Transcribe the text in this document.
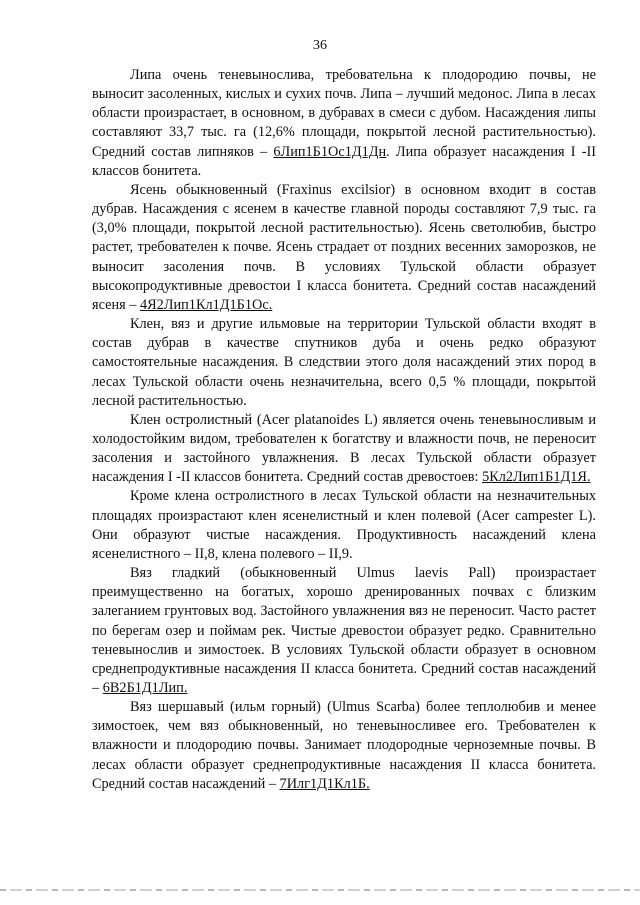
36

Липа очень теневынослива, требовательна к плодородию почвы, не выносит засоленных, кислых и сухих почв. Липа – лучший медонос. Липа в лесах области произрастает, в основном, в дубравах в смеси с дубом. Насаждения липы составляют 33,7 тыс. га (12,6% площади, покрытой лесной растительностью). Средний состав липняков – 6Лип1Б1Ос1Д1Дн. Липа образует насаждения I -II классов бонитета.

Ясень обыкновенный (Fraxinus excilsior) в основном входит в состав дубрав. Насаждения с ясенем в качестве главной породы составляют 7,9 тыс. га (3,0% площади, покрытой лесной растительностью). Ясень светолюбив, быстро растет, требователен к почве. Ясень страдает от поздних весенних заморозков, не выносит засоления почв. В условиях Тульской области образует высокопродуктивные древостои I класса бонитета. Средний состав насаждений ясеня – 4Я2Лип1Кл1Д1Б1Ос.

Клен, вяз и другие ильмовые на территории Тульской области входят в состав дубрав в качестве спутников дуба и очень редко образуют самостоятельные насаждения. В следствии этого доля насаждений этих пород в лесах Тульской области очень незначительна, всего 0,5 % площади, покрытой лесной растительностью.

Клен остролистный (Acer platanoides L) является очень теневыносливым и холодостойким видом, требователен к богатству и влажности почв, не переносит засоления и застойного увлажнения. В лесах Тульской области образует насаждения I -II классов бонитета. Средний состав древостоев: 5Кл2Лип1Б1Д1Я.

Кроме клена остролистного в лесах Тульской области на незначительных площадях произрастают клен ясенелистный и клен полевой (Acer campester L). Они образуют чистые насаждения. Продуктивность насаждений клена ясенелистного – II,8, клена полевого – II,9.

Вяз гладкий (обыкновенный Ulmus laevis Pall) произрастает преимущественно на богатых, хорошо дренированных почвах с близким залеганием грунтовых вод. Застойного увлажнения вяз не переносит. Часто растет по берегам озер и поймам рек. Чистые древостои образует редко. Сравнительно теневынослив и зимостоек. В условиях Тульской области образует в основном среднепродуктивные насаждения II класса бонитета. Средний состав насаждений – 6В2Б1Д1Лип.

Вяз шершавый (ильм горный) (Ulmus Scarba) более теплолюбив и менее зимостоек, чем вяз обыкновенный, но теневыносливее его. Требователен к влажности и плодородию почвы. Занимает плодородные черноземные почвы. В лесах области образует среднепродуктивные насаждения II класса бонитета. Средний состав насаждений – 7Илг1Д1Кл1Б.
